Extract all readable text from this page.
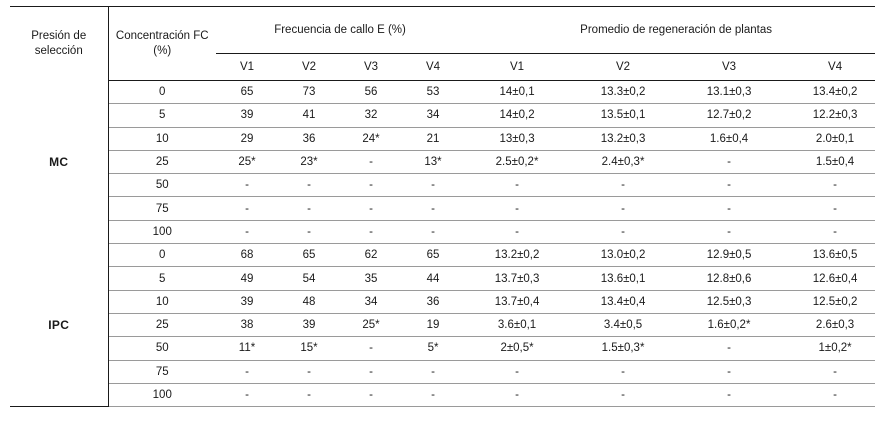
Presión de selección	Concentración FC (%)	Frecuencia de callo E (%)				Promedio de regeneración de plantas			
		V1	V2	V3	V4	V1	V2	V3	V4
MC	0	65	73	56	53	14±0,1	13.3±0,2	13.1±0,3	13.4±0,2
	5	39	41	32	34	14±0,2	13.5±0,1	12.7±0,2	12.2±0,3
	10	29	36	24*	21	13±0,3	13.2±0,3	1.6±0,4	2.0±0,1
	25	25*	23*	-	13*	2.5±0,2*	2.4±0,3*	-	1.5±0,4
	50	-	-	-	-	-	-	-	-
	75	-	-	-	-	-	-	-	-
	100	-	-	-	-	-	-	-	-
IPC	0	68	65	62	65	13.2±0,2	13.0±0,2	12.9±0,5	13.6±0,5
	5	49	54	35	44	13.7±0,3	13.6±0,1	12.8±0,6	12.6±0,4
	10	39	48	34	36	13.7±0,4	13.4±0,4	12.5±0,3	12.5±0,2
	25	38	39	25*	19	3.6±0,1	3.4±0,5	1.6±0,2*	2.6±0,3
	50	11*	15*	-	5*	2±0,5*	1.5±0,3*	-	1±0,2*
	75	-	-	-	-	-	-	-	-
	100	-	-	-	-	-	-	-	-
